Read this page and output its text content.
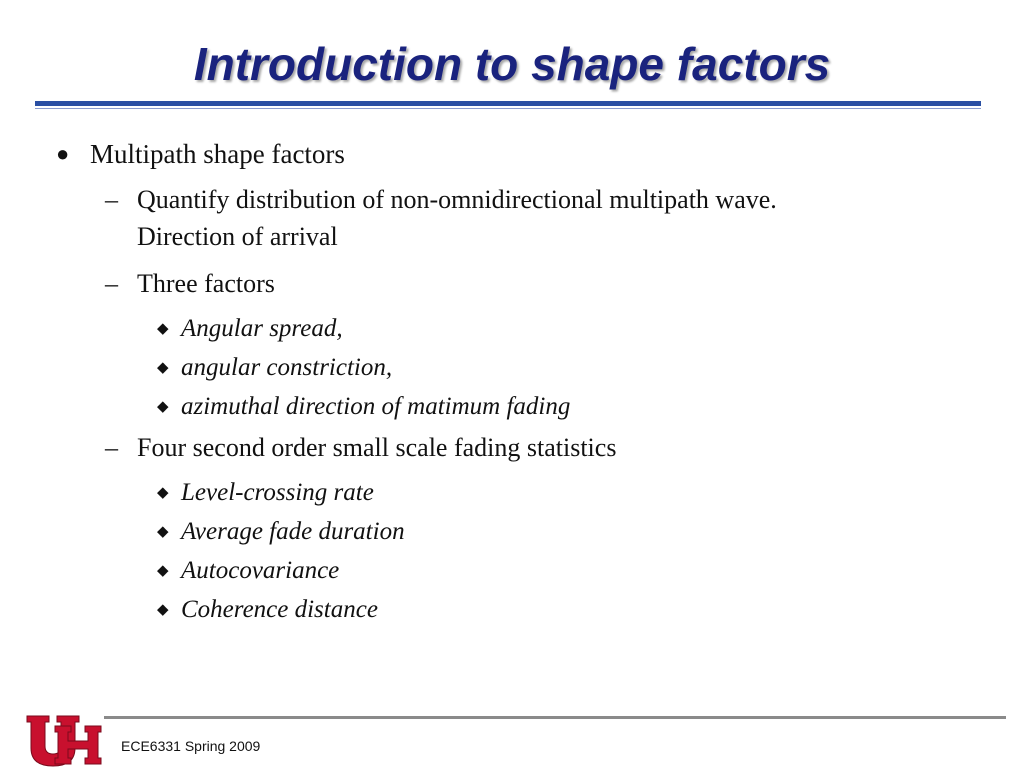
Introduction to shape factors
● Multipath shape factors
– Quantify distribution of non-omnidirectional multipath wave.
Direction of arrival
– Three factors
◆ Angular spread,
◆ angular constriction,
◆ azimuthal direction of matimum fading
– Four second order small scale fading statistics
◆ Level-crossing rate
◆ Average fade duration
◆ Autocovariance
◆ Coherence distance
ECE6331 Spring 2009
